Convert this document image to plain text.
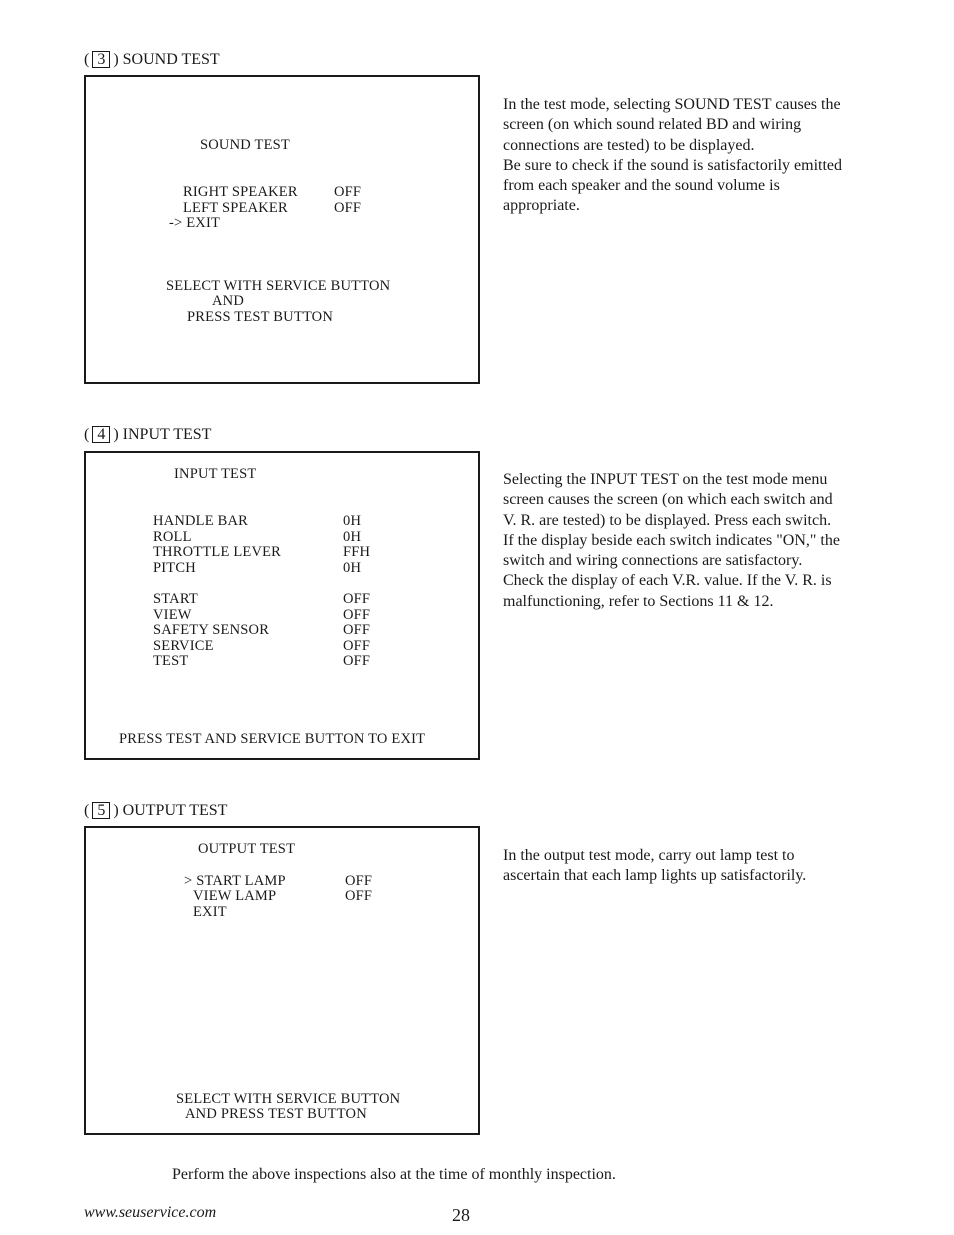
( 3 ) SOUND TEST
SOUND TEST
RIGHT SPEAKER	OFF
LEFT SPEAKER	OFF
-> EXIT
SELECT WITH SERVICE BUTTON
AND
PRESS TEST BUTTON

In the test mode, selecting SOUND TEST causes the screen (on which sound related BD and wiring connections are tested) to be displayed.

Be sure to check if the sound is satisfactorily emitted from each speaker and the sound volume is appropriate.

( 4 ) INPUT TEST
INPUT TEST
HANDLE BAR	0H
ROLL	0H
THROTTLE LEVER	FFH
PITCH	0H
START	OFF
VIEW	OFF
SAFETY SENSOR	OFF
SERVICE	OFF
TEST	OFF
PRESS TEST AND SERVICE BUTTON TO EXIT

Selecting the INPUT TEST on the test mode menu screen causes the screen (on which each switch and V. R. are tested) to be displayed. Press each switch. If the display beside each switch indicates "ON," the switch and wiring connections are satisfactory.

Check the display of each V.R. value. If the V. R. is malfunctioning, refer to Sections 11 & 12.

( 5 ) OUTPUT TEST
OUTPUT TEST
> START LAMP	OFF
VIEW LAMP	OFF
EXIT
SELECT WITH SERVICE BUTTON
AND PRESS TEST BUTTON

In the output test mode, carry out lamp test to ascertain that each lamp lights up satisfactorily.

Perform the above inspections also at the time of monthly inspection.
www.seuservice.com	28
